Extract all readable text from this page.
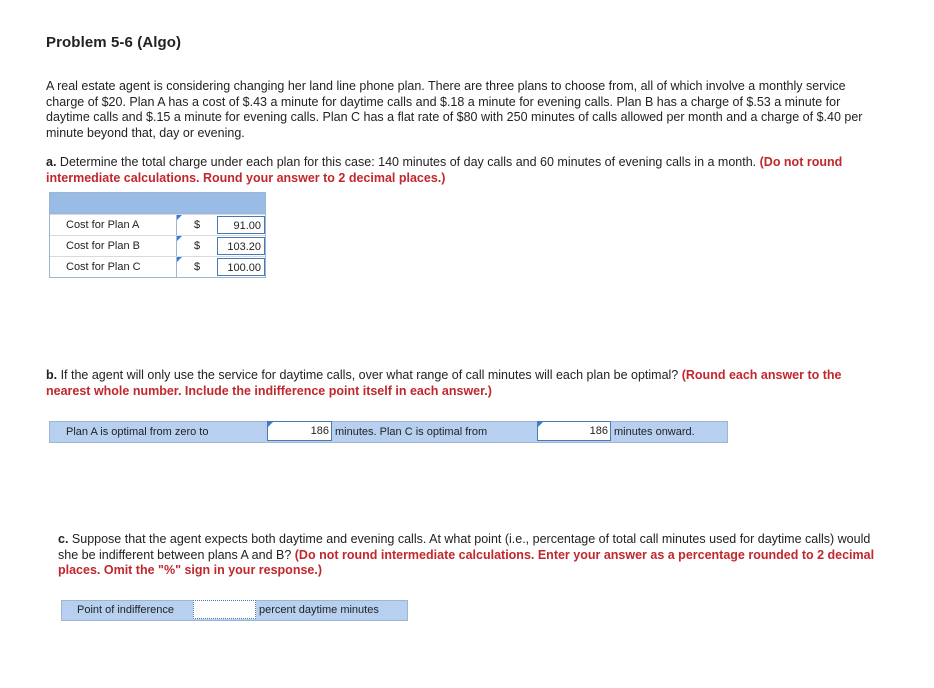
Problem 5-6 (Algo)
A real estate agent is considering changing her land line phone plan. There are three plans to choose from, all of which involve a monthly service charge of $20. Plan A has a cost of $.43 a minute for daytime calls and $.18 a minute for evening calls. Plan B has a charge of $.53 a minute for daytime calls and $.15 a minute for evening calls. Plan C has a flat rate of $80 with 250 minutes of calls allowed per month and a charge of $.40 per minute beyond that, day or evening.
a. Determine the total charge under each plan for this case: 140 minutes of day calls and 60 minutes of evening calls in a month. (Do not round intermediate calculations. Round your answer to 2 decimal places.)
Cost for Plan A	$	91.00
Cost for Plan B	$	103.20
Cost for Plan C	$	100.00
b. If the agent will only use the service for daytime calls, over what range of call minutes will each plan be optimal? (Round each answer to the nearest whole number. Include the indifference point itself in each answer.)
Plan A is optimal from zero to	186 minutes. Plan C is optimal from	186 minutes onward.
c. Suppose that the agent expects both daytime and evening calls. At what point (i.e., percentage of total call minutes used for daytime calls) would she be indifferent between plans A and B? (Do not round intermediate calculations. Enter your answer as a percentage rounded to 2 decimal places. Omit the "%" sign in your response.)
Point of indifference	percent daytime minutes
